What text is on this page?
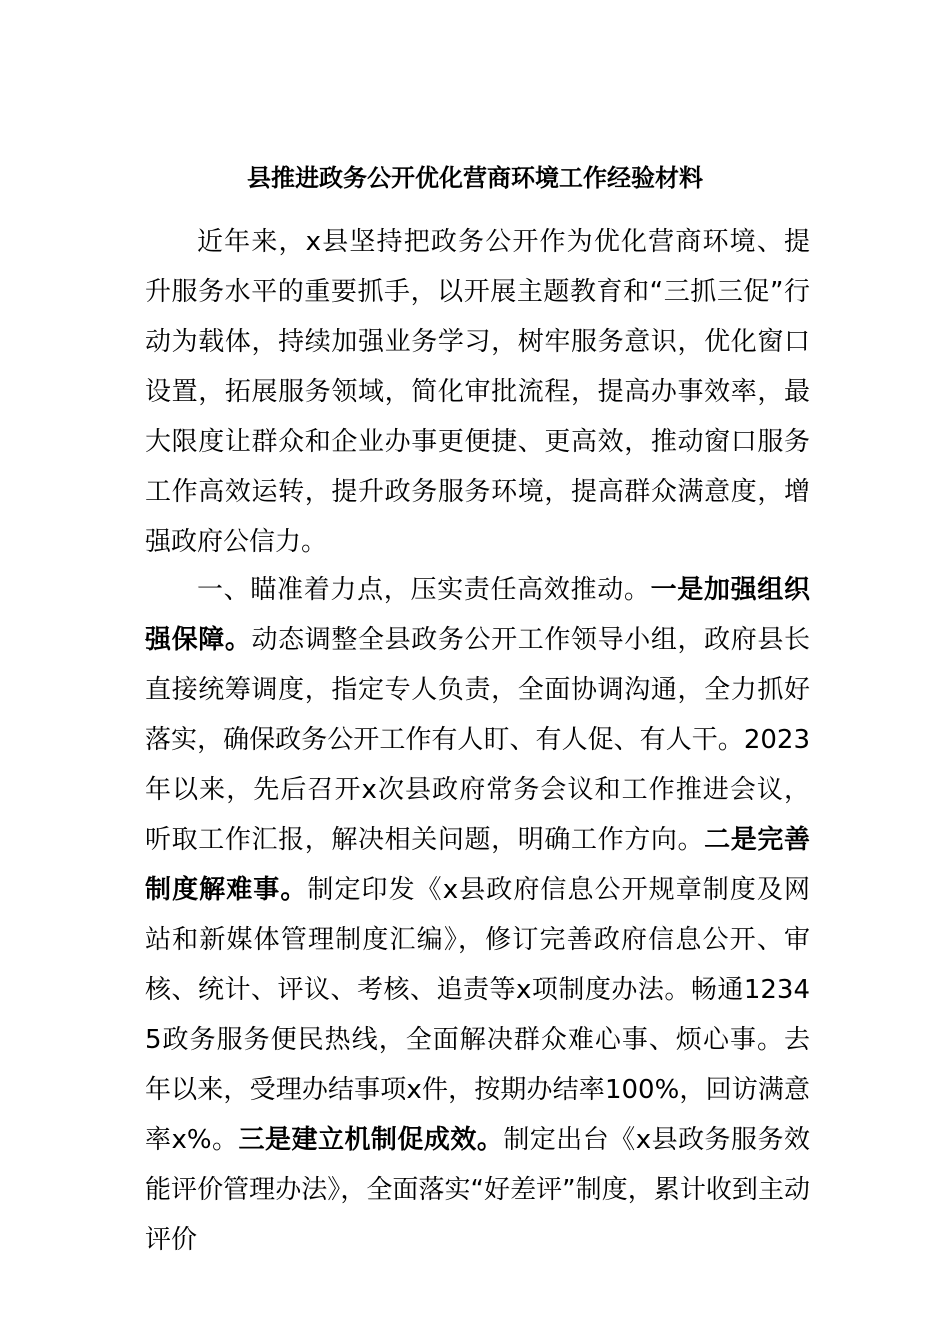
县推进政务公开优化营商环境工作经验材料

近年来，x县坚持把政务公开作为优化营商环境、提升服务水平的重要抓手，以开展主题教育和“三抓三促”行动为载体，持续加强业务学习，树牢服务意识，优化窗口设置，拓展服务领域，简化审批流程，提高办事效率，最大限度让群众和企业办事更便捷、更高效，推动窗口服务工作高效运转，提升政务服务环境，提高群众满意度，增强政府公信力。

一、瞄准着力点，压实责任高效推动。一是加强组织强保障。动态调整全县政务公开工作领导小组，政府县长直接统筹调度，指定专人负责，全面协调沟通，全力抓好落实，确保政务公开工作有人盯、有人促、有人干。2023年以来，先后召开x次县政府常务会议和工作推进会议，听取工作汇报，解决相关问题，明确工作方向。二是完善制度解难事。制定印发《x县政府信息公开规章制度及网站和新媒体管理制度汇编》，修订完善政府信息公开、审核、统计、评议、考核、追责等x项制度办法。畅通12345政务服务便民热线，全面解决群众难心事、烦心事。去年以来，受理办结事项x件，按期办结率100%，回访满意率x%。三是建立机制促成效。制定出台《x县政务服务效能评价管理办法》，全面落实“好差评”制度，累计收到主动评价
